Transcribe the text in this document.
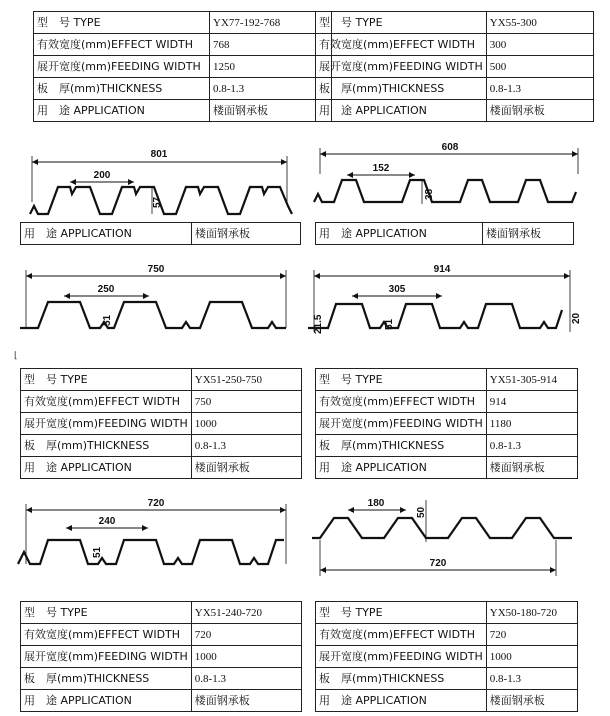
型　号 TYPE	YX77-192-768
有效宽度(mm)EFFECT WIDTH	768
展开宽度(mm)FEEDING WIDTH	1250
板　厚(mm)THICKNESS	0.8-1.3
用　途 APPLICATION	楼面钢承板
型　号 TYPE	YX55-300
有效宽度(mm)EFFECT WIDTH	300
展开宽度(mm)FEEDING WIDTH	500
板　厚(mm)THICKNESS	0.8-1.3
用　途 APPLICATION	楼面钢承板
801
200
57
608
152
38
用　途 APPLICATION	楼面钢承板	用　途 APPLICATION	楼面钢承板
750
250
51
914
305
51
21.5	20
⌊
型　号 TYPE	YX51-250-750
有效宽度(mm)EFFECT WIDTH	750
展开宽度(mm)FEEDING WIDTH	1000
板　厚(mm)THICKNESS	0.8-1.3
用　途 APPLICATION	楼面钢承板
型　号 TYPE	YX51-305-914
有效宽度(mm)EFFECT WIDTH	914
展开宽度(mm)FEEDING WIDTH	1180
板　厚(mm)THICKNESS	0.8-1.3
用　途 APPLICATION	楼面钢承板
720
240
51
180
50
720
型　号 TYPE	YX51-240-720
有效宽度(mm)EFFECT WIDTH	720
展开宽度(mm)FEEDING WIDTH	1000
板　厚(mm)THICKNESS	0.8-1.3
用　途 APPLICATION	楼面钢承板
型　号 TYPE	YX50-180-720
有效宽度(mm)EFFECT WIDTH	720
展开宽度(mm)FEEDING WIDTH	1000
板　厚(mm)THICKNESS	0.8-1.3
用　途 APPLICATION	楼面钢承板
